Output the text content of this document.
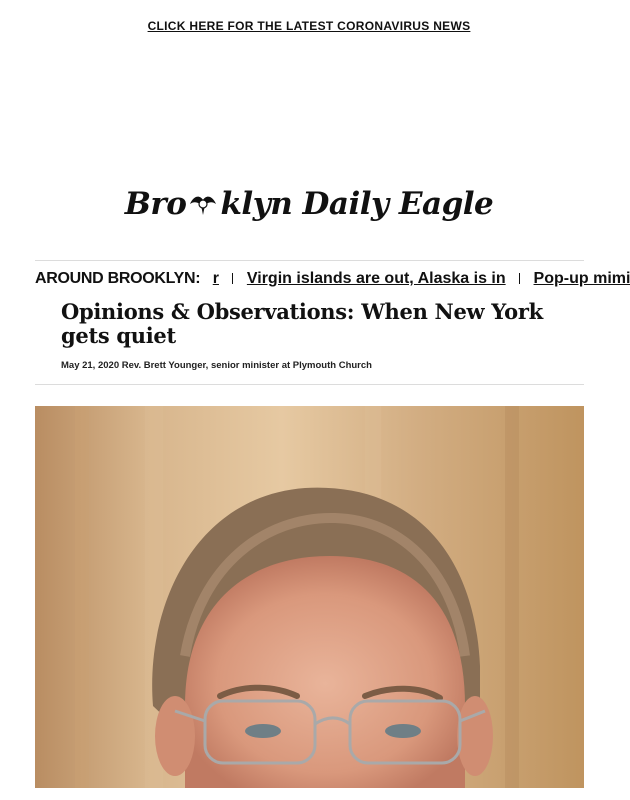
CLICK HERE FOR THE LATEST CORONAVIRUS NEWS
Bro klyn Daily Eagle
AROUND BROOKLYN: r Virgin islands are out, Alaska is in Pop-up mimi
Opinions & Observations: When New York gets quiet
May 21, 2020 Rev. Brett Younger, senior minister at Plymouth Church
